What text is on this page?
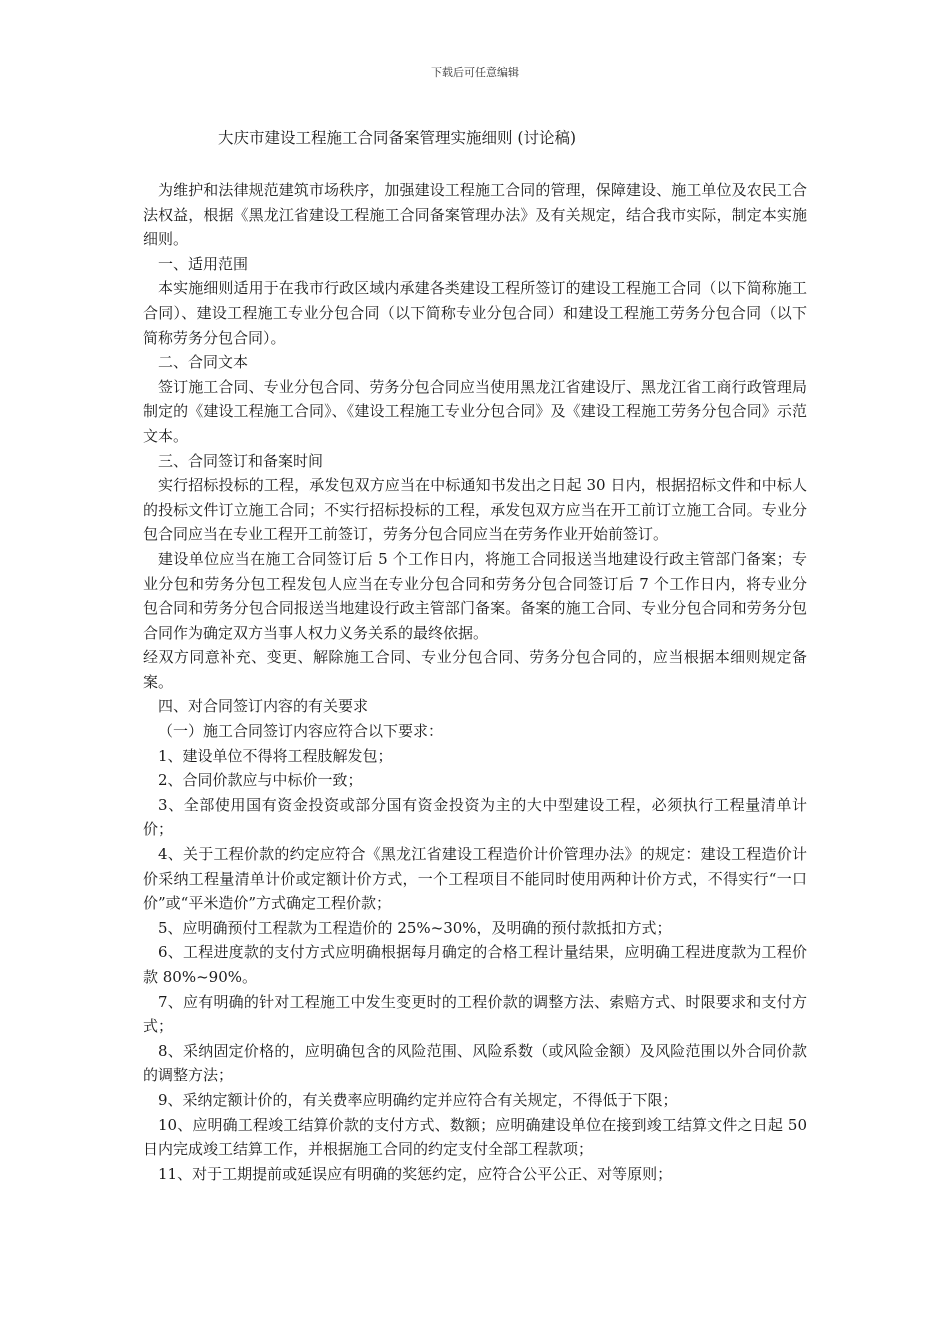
下载后可任意编辑
大庆市建设工程施工合同备案管理实施细则 (讨论稿)

为维护和法律规范建筑市场秩序，加强建设工程施工合同的管理，保障建设、施工单位及农民工合法权益，根据《黑龙江省建设工程施工合同备案管理办法》及有关规定，结合我市实际，制定本实施细则。

一、适用范围

本实施细则适用于在我市行政区域内承建各类建设工程所签订的建设工程施工合同（以下简称施工合同）、建设工程施工专业分包合同（以下简称专业分包合同）和建设工程施工劳务分包合同（以下简称劳务分包合同）。

二、合同文本

签订施工合同、专业分包合同、劳务分包合同应当使用黑龙江省建设厅、黑龙江省工商行政管理局制定的《建设工程施工合同》、《建设工程施工专业分包合同》及《建设工程施工劳务分包合同》示范文本。

三、合同签订和备案时间

实行招标投标的工程，承发包双方应当在中标通知书发出之日起 30 日内，根据招标文件和中标人的投标文件订立施工合同；不实行招标投标的工程，承发包双方应当在开工前订立施工合同。专业分包合同应当在专业工程开工前签订，劳务分包合同应当在劳务作业开始前签订。

建设单位应当在施工合同签订后 5 个工作日内，将施工合同报送当地建设行政主管部门备案；专业分包和劳务分包工程发包人应当在专业分包合同和劳务分包合同签订后 7 个工作日内，将专业分包合同和劳务分包合同报送当地建设行政主管部门备案。备案的施工合同、专业分包合同和劳务分包合同作为确定双方当事人权力义务关系的最终依据。

经双方同意补充、变更、解除施工合同、专业分包合同、劳务分包合同的，应当根据本细则规定备案。

四、对合同签订内容的有关要求

（一）施工合同签订内容应符合以下要求：

1、建设单位不得将工程肢解发包；

2、合同价款应与中标价一致；

3、全部使用国有资金投资或部分国有资金投资为主的大中型建设工程，必须执行工程量清单计价；

4、关于工程价款的约定应符合《黑龙江省建设工程造价计价管理办法》的规定：建设工程造价计价采纳工程量清单计价或定额计价方式，一个工程项目不能同时使用两种计价方式，不得实行“一口价”或“平米造价”方式确定工程价款；

5、应明确预付工程款为工程造价的 25%~30%，及明确的预付款抵扣方式；

6、工程进度款的支付方式应明确根据每月确定的合格工程计量结果，应明确工程进度款为工程价款 80%~90%。

7、应有明确的针对工程施工中发生变更时的工程价款的调整方法、索赔方式、时限要求和支付方式；

8、采纳固定价格的，应明确包含的风险范围、风险系数（或风险金额）及风险范围以外合同价款的调整方法；

9、采纳定额计价的，有关费率应明确约定并应符合有关规定，不得低于下限；

10、应明确工程竣工结算价款的支付方式、数额；应明确建设单位在接到竣工结算文件之日起 50 日内完成竣工结算工作，并根据施工合同的约定支付全部工程款项；

11、对于工期提前或延误应有明确的奖惩约定，应符合公平公正、对等原则；
